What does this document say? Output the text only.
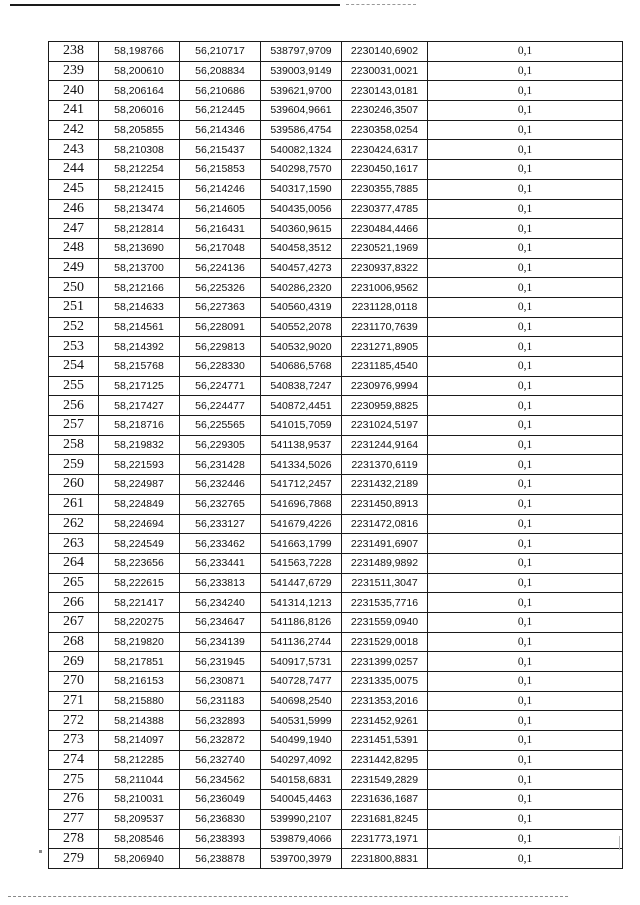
238	58,198766	56,210717	538797,9709	2230140,6902	0,1
239	58,200610	56,208834	539003,9149	2230031,0021	0,1
240	58,206164	56,210686	539621,9700	2230143,0181	0,1
241	58,206016	56,212445	539604,9661	2230246,3507	0,1
242	58,205855	56,214346	539586,4754	2230358,0254	0,1
243	58,210308	56,215437	540082,1324	2230424,6317	0,1
244	58,212254	56,215853	540298,7570	2230450,1617	0,1
245	58,212415	56,214246	540317,1590	2230355,7885	0,1
246	58,213474	56,214605	540435,0056	2230377,4785	0,1
247	58,212814	56,216431	540360,9615	2230484,4466	0,1
248	58,213690	56,217048	540458,3512	2230521,1969	0,1
249	58,213700	56,224136	540457,4273	2230937,8322	0,1
250	58,212166	56,225326	540286,2320	2231006,9562	0,1
251	58,214633	56,227363	540560,4319	2231128,0118	0,1
252	58,214561	56,228091	540552,2078	2231170,7639	0,1
253	58,214392	56,229813	540532,9020	2231271,8905	0,1
254	58,215768	56,228330	540686,5768	2231185,4540	0,1
255	58,217125	56,224771	540838,7247	2230976,9994	0,1
256	58,217427	56,224477	540872,4451	2230959,8825	0,1
257	58,218716	56,225565	541015,7059	2231024,5197	0,1
258	58,219832	56,229305	541138,9537	2231244,9164	0,1
259	58,221593	56,231428	541334,5026	2231370,6119	0,1
260	58,224987	56,232446	541712,2457	2231432,2189	0,1
261	58,224849	56,232765	541696,7868	2231450,8913	0,1
262	58,224694	56,233127	541679,4226	2231472,0816	0,1
263	58,224549	56,233462	541663,1799	2231491,6907	0,1
264	58,223656	56,233441	541563,7228	2231489,9892	0,1
265	58,222615	56,233813	541447,6729	2231511,3047	0,1
266	58,221417	56,234240	541314,1213	2231535,7716	0,1
267	58,220275	56,234647	541186,8126	2231559,0940	0,1
268	58,219820	56,234139	541136,2744	2231529,0018	0,1
269	58,217851	56,231945	540917,5731	2231399,0257	0,1
270	58,216153	56,230871	540728,7477	2231335,0075	0,1
271	58,215880	56,231183	540698,2540	2231353,2016	0,1
272	58,214388	56,232893	540531,5999	2231452,9261	0,1
273	58,214097	56,232872	540499,1940	2231451,5391	0,1
274	58,212285	56,232740	540297,4092	2231442,8295	0,1
275	58,211044	56,234562	540158,6831	2231549,2829	0,1
276	58,210031	56,236049	540045,4463	2231636,1687	0,1
277	58,209537	56,236830	539990,2107	2231681,8245	0,1
278	58,208546	56,238393	539879,4066	2231773,1971	0,1
279	58,206940	56,238878	539700,3979	2231800,8831	0,1
